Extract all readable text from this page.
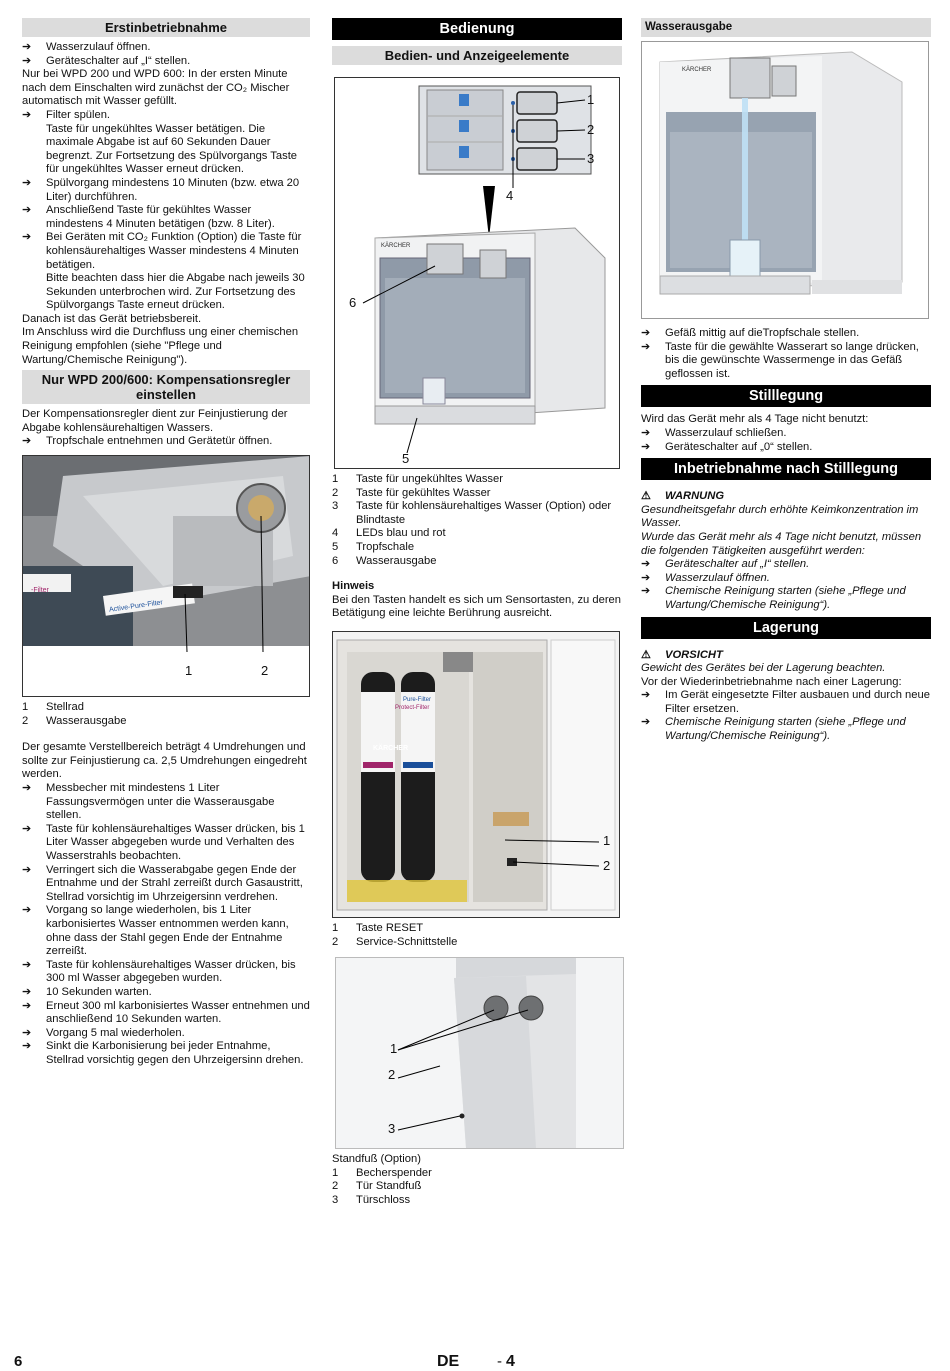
Erstinbetriebnahme
➔ Wasserzulauf öffnen.
➔ Geräteschalter auf „I“ stellen.

Nur bei WPD 200 und WPD 600: In der ersten Minute nach dem Einschalten wird zunächst der CO₂ Mischer automatisch mit Wasser gefüllt.

➔ Filter spülen.

Taste für ungekühltes Wasser betätigen. Die maximale Abgabe ist auf 60 Sekunden Dauer begrenzt. Zur Fortsetzung des Spülvorgangs Taste für ungekühltes Wasser erneut drücken.

➔ Spülvorgang mindestens 10 Minuten (bzw. etwa 20 Liter) durchführen.
➔ Anschließend Taste für gekühltes Wasser mindestens 4 Minuten betätigen (bzw. 8 Liter).
➔ Bei Geräten mit CO₂ Funktion (Option) die Taste für kohlensäurehaltiges Wasser mindestens 4 Minuten betätigen.

Bitte beachten dass hier die Abgabe nach jeweils 30 Sekunden unterbrochen wird. Zur Fortsetzung des Spülvorgangs Taste erneut drücken.

Danach ist das Gerät betriebsbereit.

Im Anschluss wird die Durchfluss ung einer chemischen Reinigung empfohlen (siehe "Pflege und Wartung/Chemische Reinigung").

Nur WPD 200/600: Kompensationsregler einstellen

Der Kompensationsregler dient zur Feinjustierung der Abgabe kohlensäurehaltigen Wassers.

➔ Tropfschale entnehmen und Gerätetür öffnen.
-Filter
Active-Pure-Filter
1	2
1	Stellrad
2	Wasserausgabe

Der gesamte Verstellbereich beträgt 4 Umdrehungen und sollte zur Feinjustierung ca. 2,5 Umdrehungen eingedreht werden.

➔ Messbecher mit mindestens 1 Liter Fassungsvermögen unter die Wasserausgabe stellen.
➔ Taste für kohlensäurehaltiges Wasser drücken, bis 1 Liter Wasser abgegeben wurde und Verhalten des Wasserstrahls beobachten.
➔ Verringert sich die Wasserabgabe gegen Ende der Entnahme und der Strahl zerreißt durch Gasaustritt, Stellrad vorsichtig im Uhrzeigersinn verdrehen.
➔ Vorgang so lange wiederholen, bis 1 Liter karbonisiertes Wasser entnommen werden kann, ohne dass der Stahl gegen Ende der Entnahme zerreißt.
➔ Taste für kohlensäurehaltiges Wasser drücken, bis 300 ml Wasser abgegeben wurden.
➔ 10 Sekunden warten.
➔ Erneut 300 ml karbonisiertes Wasser entnehmen und anschließend 10 Sekunden warten.
➔ Vorgang 5 mal wiederholen.
➔ Sinkt die Karbonisierung bei jeder Entnahme, Stellrad vorsichtig gegen den Uhrzeigersinn drehen.
Bedienung
Bedien- und Anzeigeelemente
1
2
3
4
5
6
KÄRCHER
1	Taste für ungekühltes Wasser
2	Taste für gekühltes Wasser
3	Taste für kohlensäurehaltiges Wasser (Option) oder Blindtaste
4	LEDs blau und rot
5	Tropfschale
6	Wasserausgabe

Hinweis

Bei den Tasten handelt es sich um Sensortasten, zu deren Betätigung eine leichte Berührung ausreicht.

Protect-Filter
Pure-Filter
KÄRCHER
1
2
1	Taste RESET
2	Service-Schnittstelle
1
2
3

Standfuß (Option)

1	Becherspender
2	Tür Standfuß
3	Türschloss
Wasserausgabe
KÄRCHER
➔ Gefäß mittig auf dieTropfschale stellen.
➔ Taste für die gewählte Wasserart so lange drücken, bis die gewünschte Wassermenge in das Gefäß geflossen ist.
Stilllegung

Wird das Gerät mehr als 4 Tage nicht benutzt:

➔ Wasserzulauf schließen.
➔ Geräteschalter auf „0“ stellen.
Inbetriebnahme nach Stilllegung

⚠ WARNUNG

Gesundheitsgefahr durch erhöhte Keimkonzentration im Wasser.

Wurde das Gerät mehr als 4 Tage nicht benutzt, müssen die folgenden Tätigkeiten ausgeführt werden:

➔ Geräteschalter auf „I“ stellen.
➔ Wasserzulauf öffnen.
➔ Chemische Reinigung starten (siehe „Pflege und Wartung/Chemische Reinigung“).
Lagerung

⚠ VORSICHT

Gewicht des Gerätes bei der Lagerung beachten.

Vor der Wiederinbetriebnahme nach einer Lagerung:

➔ Im Gerät eingesetzte Filter ausbauen und durch neue Filter ersetzen.
➔ Chemische Reinigung starten (siehe „Pflege und Wartung/Chemische Reinigung“).
6	DE	- 4
